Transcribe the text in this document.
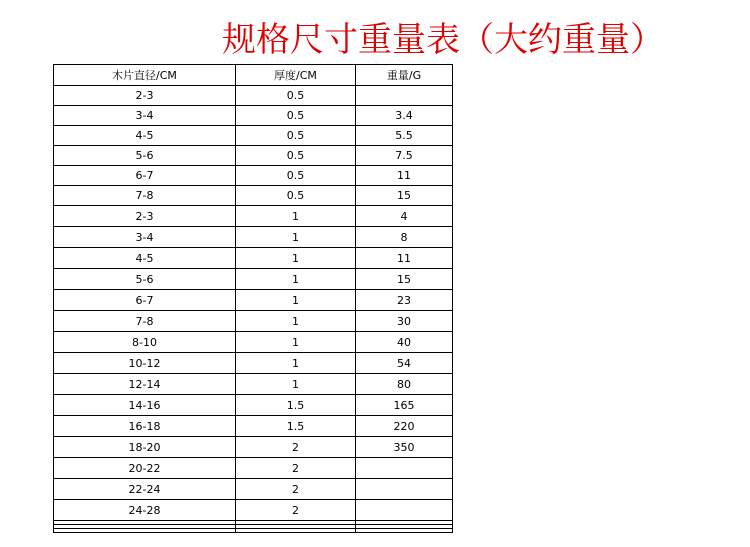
规格尺寸重量表（大约重量）
木片直径/CM	厚度/CM	重量/G
2-3	0.5	
3-4	0.5	3.4
4-5	0.5	5.5
5-6	0.5	7.5
6-7	0.5	11
7-8	0.5	15
2-3	1	4
3-4	1	8
4-5	1	11
5-6	1	15
6-7	1	23
7-8	1	30
8-10	1	40
10-12	1	54
12-14	1	80
14-16	1.5	165
16-18	1.5	220
18-20	2	350
20-22	2	
22-24	2	
24-28	2	
